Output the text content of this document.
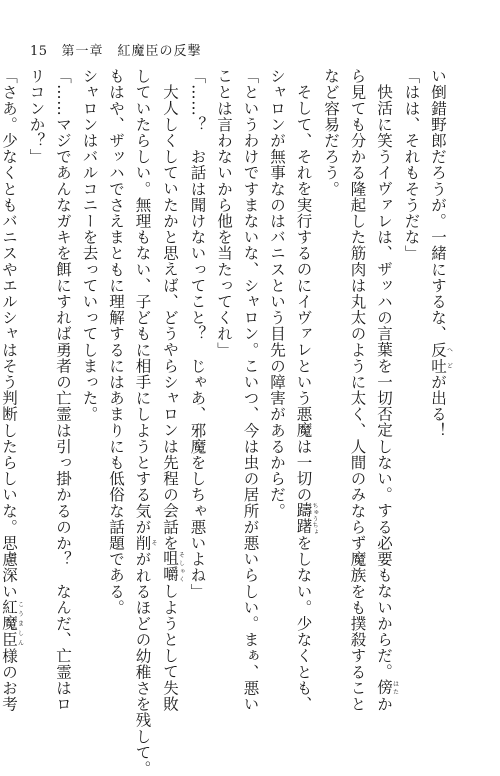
15 第一章　紅魔臣の反撃

い倒錯野郎だろうが。一緒にするな、反吐へどが出る！

「はは、それもそうだな」

快活に笑うイヴァレは、ザッハの言葉を一切否定しない。する必要もないからだ。傍はたか

ら見ても分かる隆起した筋肉は丸太のように太く、人間のみならず魔族をも撲殺すること

など容易だろう。

そして、それを実行するのにイヴァレという悪魔は一切の躊躇ちゅうちょをしない。少なくとも、

シャロンが無事なのはバニスという目先の障害があるからだ。

「というわけですまないな、シャロン。こいつ、今は虫の居所が悪いらしい。まぁ、悪い

ことは言わないから他を当たってくれ」

「……？　お話は聞けないってこと？　じゃあ、邪魔をしちゃ悪いよね」

大人しくしていたかと思えば、どうやらシャロンは先程の会話を咀嚼そしゃくしようとして失敗

していたらしい。無理もない、子どもに相手にしようとする気が削そがれるほどの幼稚さを残して。

もはや、ザッハでさえまともに理解するにはあまりにも低俗な話題である。

シャロンはバルコニーを去っていってしまった。

「……マジであんなガキを餌にすれば勇者の亡霊は引っ掛かるのか？　なんだ、亡霊はロ

リコンか？」

「さあ。少なくともバニスやエルシャはそう判断したらしいな。思慮深い紅魔臣こうましん様のお考
